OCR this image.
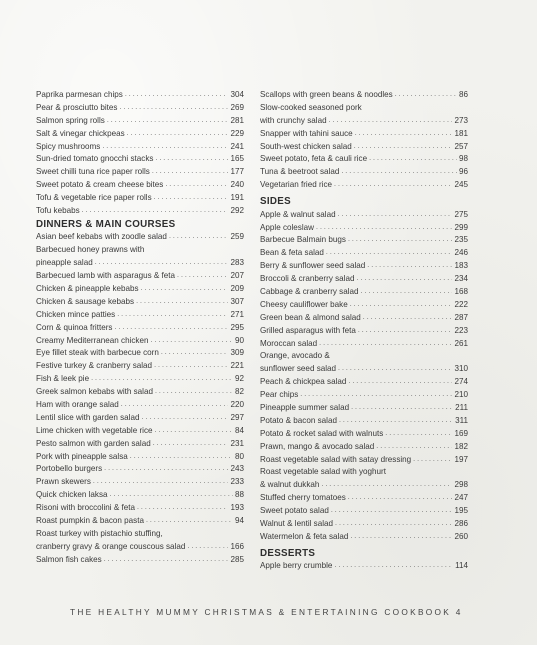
Paprika parmesan chips .....	304
Pear & prosciutto bites .....	269
Salmon spring rolls .....	281
Salt & vinegar chickpeas .....	229
Spicy mushrooms .....	241
Sun-dried tomato gnocchi stacks .....	165
Sweet chilli tuna rice paper rolls .....	177
Sweet potato & cream cheese bites .....	240
Tofu & vegetable rice paper rolls .....	191
Tofu kebabs .....	292
DINNERS & MAIN COURSES
Asian beef kebabs with zoodle salad .....	259
Barbecued honey prawns with
pineapple salad .....	283
Barbecued lamb with asparagus & feta .....	207
Chicken & pineapple kebabs .....	209
Chicken & sausage kebabs .....	307
Chicken mince patties .....	271
Corn & quinoa fritters .....	295
Creamy Mediterranean chicken .....	90
Eye fillet steak with barbecue corn .....	309
Festive turkey & cranberry salad .....	221
Fish & leek pie .....	92
Greek salmon kebabs with salad .....	82
Ham with orange salad .....	220
Lentil slice with garden salad .....	297
Lime chicken with vegetable rice .....	84
Pesto salmon with garden salad .....	231
Pork with pineapple salsa .....	80
Portobello burgers .....	243
Prawn skewers .....	233
Quick chicken laksa .....	88
Risoni with broccolini & feta .....	193
Roast pumpkin & bacon pasta .....	94
Roast turkey with pistachio stuffing,
cranberry gravy & orange couscous salad .....	166
Salmon fish cakes .....	285
Scallops with green beans & noodles .....	86
Slow-cooked seasoned pork
with crunchy salad .....	273
Snapper with tahini sauce .....	181
South-west chicken salad .....	257
Sweet potato, feta & cauli rice .....	98
Tuna & beetroot salad .....	96
Vegetarian fried rice .....	245
SIDES
Apple & walnut salad .....	275
Apple coleslaw .....	299
Barbecue Balmain bugs .....	235
Bean & feta salad .....	246
Berry & sunflower seed salad .....	183
Broccoli & cranberry salad .....	234
Cabbage & cranberry salad .....	168
Cheesy cauliflower bake .....	222
Green bean & almond salad .....	287
Grilled asparagus with feta .....	223
Moroccan salad .....	261
Orange, avocado &
sunflower seed salad .....	310
Peach & chickpea salad .....	274
Pear chips .....	210
Pineapple summer salad .....	211
Potato & bacon salad .....	311
Potato & rocket salad with walnuts .....	169
Prawn, mango & avocado salad .....	182
Roast vegetable salad with satay dressing .....	197
Roast vegetable salad with yoghurt
& walnut dukkah .....	298
Stuffed cherry tomatoes .....	247
Sweet potato salad .....	195
Walnut & lentil salad .....	286
Watermelon & feta salad .....	260
DESSERTS
Apple berry crumble .....	114
THE HEALTHY MUMMY CHRISTMAS & ENTERTAINING COOKBOOK 4
